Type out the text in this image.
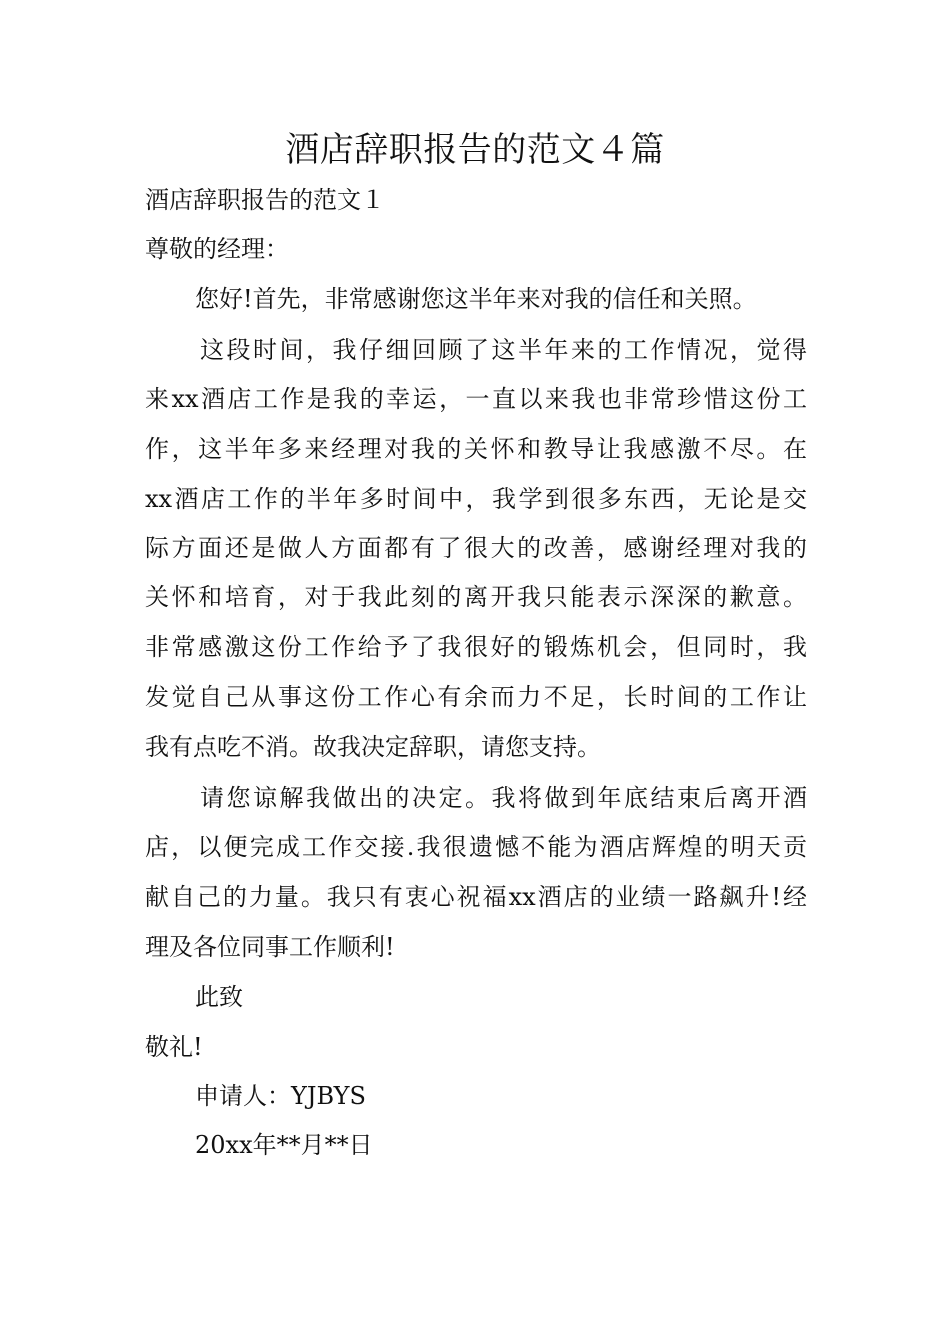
酒店辞职报告的范文４篇
酒店辞职报告的范文１
尊敬的经理：
您好!首先，非常感谢您这半年来对我的信任和关照。
这段时间，我仔细回顾了这半年来的工作情况，觉得
来xx酒店工作是我的幸运，一直以来我也非常珍惜这份工
作，这半年多来经理对我的关怀和教导让我感激不尽。在
xx酒店工作的半年多时间中，我学到很多东西，无论是交
际方面还是做人方面都有了很大的改善，感谢经理对我的
关怀和培育，对于我此刻的离开我只能表示深深的歉意。
非常感激这份工作给予了我很好的锻炼机会，但同时，我
发觉自己从事这份工作心有余而力不足，长时间的工作让
我有点吃不消。故我决定辞职，请您支持。
请您谅解我做出的决定。我将做到年底结束后离开酒
店，以便完成工作交接.我很遗憾不能为酒店辉煌的明天贡
献自己的力量。我只有衷心祝福xx酒店的业绩一路飙升!经
理及各位同事工作顺利!
此致
敬礼!
申请人：YJBYS
20xx年**月**日
